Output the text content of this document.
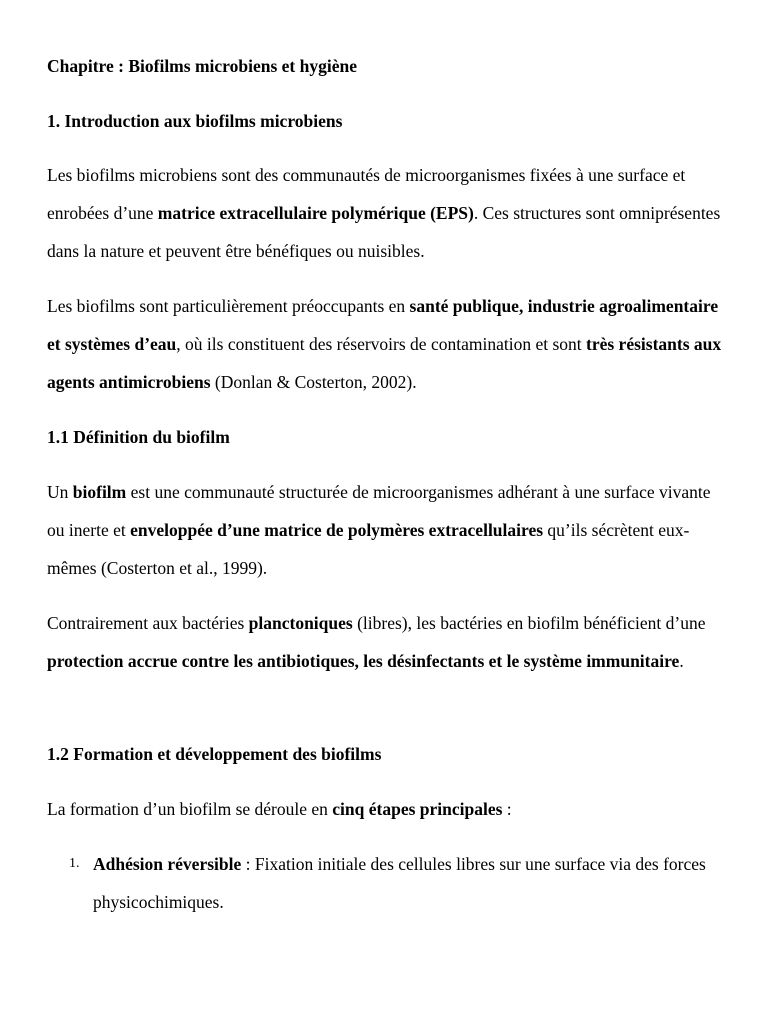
Chapitre : Biofilms microbiens et hygiène

1. Introduction aux biofilms microbiens

Les biofilms microbiens sont des communautés de microorganismes fixées à une surface et enrobées d’une matrice extracellulaire polymérique (EPS). Ces structures sont omniprésentes dans la nature et peuvent être bénéfiques ou nuisibles.

Les biofilms sont particulièrement préoccupants en santé publique, industrie agroalimentaire et systèmes d’eau, où ils constituent des réservoirs de contamination et sont très résistants aux agents antimicrobiens (Donlan & Costerton, 2002).

1.1 Définition du biofilm

Un biofilm est une communauté structurée de microorganismes adhérant à une surface vivante ou inerte et enveloppée d’une matrice de polymères extracellulaires qu’ils sécrètent eux-mêmes (Costerton et al., 1999).

Contrairement aux bactéries planctoniques (libres), les bactéries en biofilm bénéficient d’une protection accrue contre les antibiotiques, les désinfectants et le système immunitaire.

1.2 Formation et développement des biofilms

La formation d’un biofilm se déroule en cinq étapes principales :

1. Adhésion réversible : Fixation initiale des cellules libres sur une surface via des forces physicochimiques.
